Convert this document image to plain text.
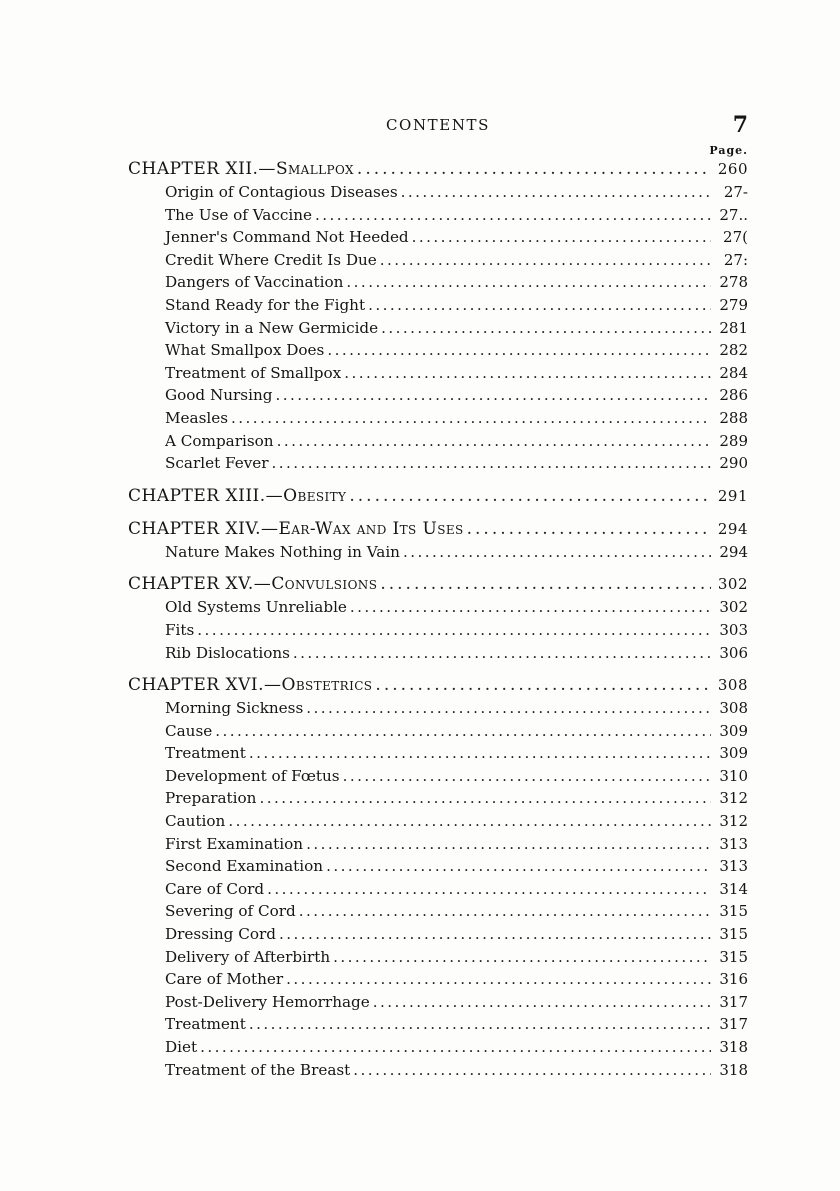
CONTENTS	7
Page.
CHAPTER XII.—Smallpox . . .	260
Origin of Contagious Diseases . . .	27-
The Use of Vaccine . . .	27..
Jenner's Command Not Heeded . . .	27(
Credit Where Credit Is Due . . .	27:
Dangers of Vaccination . . .	278
Stand Ready for the Fight . . .	279
Victory in a New Germicide . . .	281
What Smallpox Does . . .	282
Treatment of Smallpox . . .	284
Good Nursing . . .	286
Measles . . .	288
A Comparison . . .	289
Scarlet Fever . . .	290
CHAPTER XIII.—Obesity . . .	291
CHAPTER XIV.—Ear-Wax and Its Uses . . .	294
Nature Makes Nothing in Vain . . .	294
CHAPTER XV.—Convulsions . . .	302
Old Systems Unreliable . . .	302
Fits . . .	303
Rib Dislocations . . .	306
CHAPTER XVI.—Obstetrics . . .	308
Morning Sickness . . .	308
Cause . . .	309
Treatment . . .	309
Development of Fœtus . . .	310
Preparation . . .	312
Caution . . .	312
First Examination . . .	313
Second Examination . . .	313
Care of Cord . . .	314
Severing of Cord . . .	315
Dressing Cord . . .	315
Delivery of Afterbirth . . .	315
Care of Mother . . .	316
Post-Delivery Hemorrhage . . .	317
Treatment . . .	317
Diet . . .	318
Treatment of the Breast . . .	318
